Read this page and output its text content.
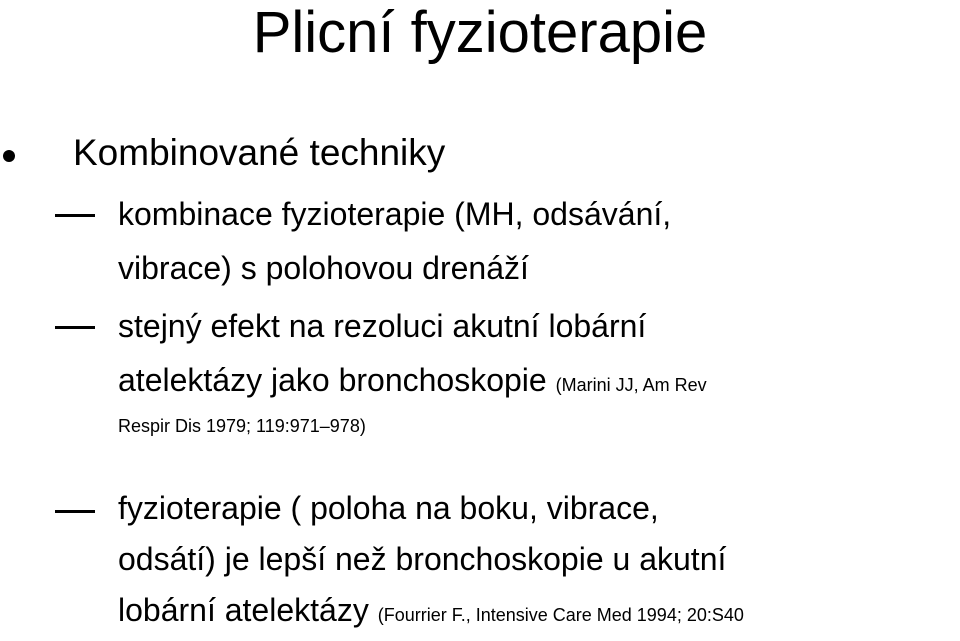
Plicní fyzioterapie
Kombinované techniky
kombinace fyzioterapie (MH, odsávání,
vibrace) s polohovou drenáží
stejný efekt na rezoluci akutní lobární
atelektázy jako bronchoskopie (Marini JJ, Am Rev
Respir Dis 1979; 119:971–978)
fyzioterapie ( poloha na boku, vibrace,
odsátí) je lepší než bronchoskopie u akutní
lobární atelektázy (Fourrier F., Intensive Care Med 1994; 20:S40
